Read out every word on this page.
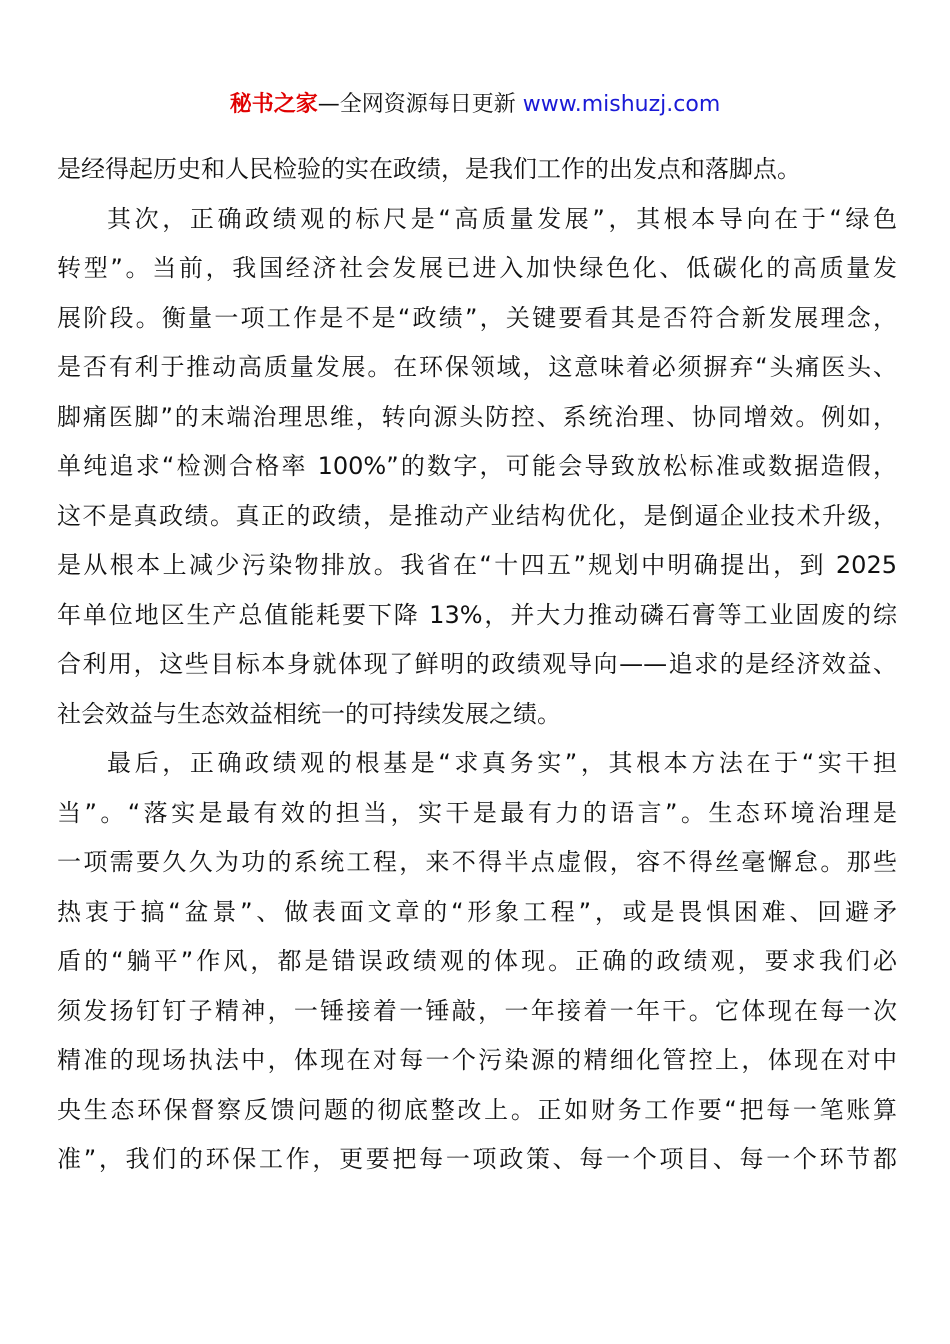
秘书之家—全网资源每日更新 www.mishuzj.com
是经得起历史和人民检验的实在政绩，是我们工作的出发点和落脚点。
其次，正确政绩观的标尺是“高质量发展”，其根本导向在于“绿色
转型”。当前，我国经济社会发展已进入加快绿色化、低碳化的高质量发
展阶段。衡量一项工作是不是“政绩”，关键要看其是否符合新发展理念，
是否有利于推动高质量发展。在环保领域，这意味着必须摒弃“头痛医头、
脚痛医脚”的末端治理思维，转向源头防控、系统治理、协同增效。例如，
单纯追求“检测合格率 100%”的数字，可能会导致放松标准或数据造假，
这不是真政绩。真正的政绩，是推动产业结构优化，是倒逼企业技术升级，
是从根本上减少污染物排放。我省在“十四五”规划中明确提出，到 2025
年单位地区生产总值能耗要下降 13%，并大力推动磷石膏等工业固废的综
合利用，这些目标本身就体现了鲜明的政绩观导向——追求的是经济效益、
社会效益与生态效益相统一的可持续发展之绩。
最后，正确政绩观的根基是“求真务实”，其根本方法在于“实干担
当”。“落实是最有效的担当，实干是最有力的语言”。生态环境治理是
一项需要久久为功的系统工程，来不得半点虚假，容不得丝毫懈怠。那些
热衷于搞“盆景”、做表面文章的“形象工程”，或是畏惧困难、回避矛
盾的“躺平”作风，都是错误政绩观的体现。正确的政绩观，要求我们必
须发扬钉钉子精神，一锤接着一锤敲，一年接着一年干。它体现在每一次
精准的现场执法中，体现在对每一个污染源的精细化管控上，体现在对中
央生态环保督察反馈问题的彻底整改上。正如财务工作要“把每一笔账算
准”，我们的环保工作，更要把每一项政策、每一个项目、每一个环节都
